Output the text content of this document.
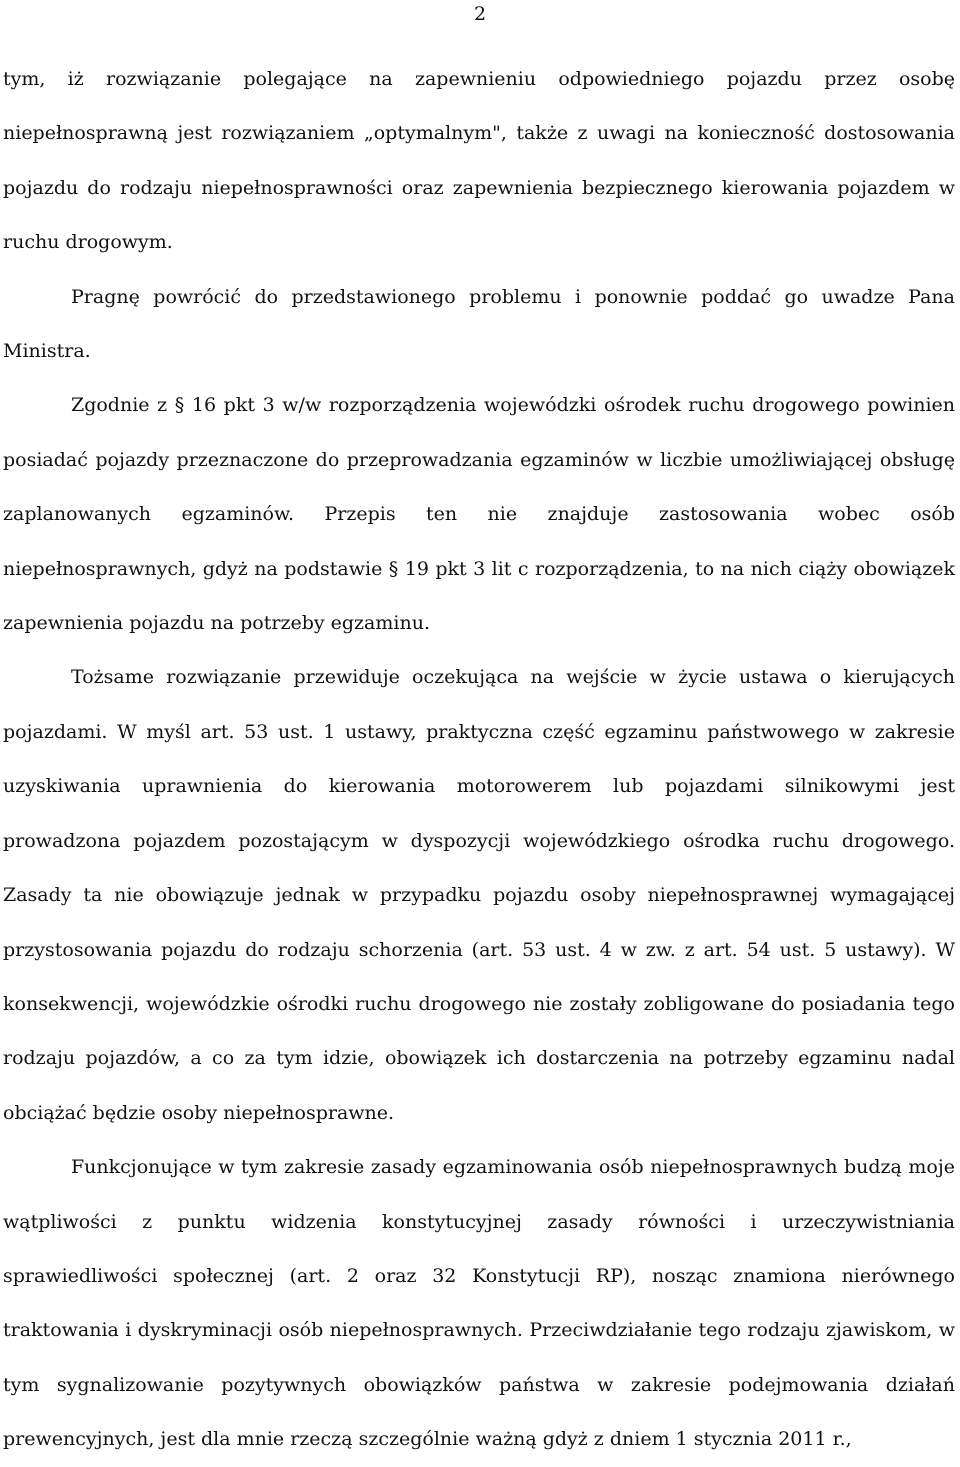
2

tym, iż rozwiązanie polegające na zapewnieniu odpowiedniego pojazdu przez osobę niepełnosprawną jest rozwiązaniem „optymalnym", także z uwagi na konieczność dostosowania pojazdu do rodzaju niepełnosprawności oraz zapewnienia bezpiecznego kierowania pojazdem w ruchu drogowym.

Pragnę powrócić do przedstawionego problemu i ponownie poddać go uwadze Pana Ministra.

Zgodnie z § 16 pkt 3 w/w rozporządzenia wojewódzki ośrodek ruchu drogowego powinien posiadać pojazdy przeznaczone do przeprowadzania egzaminów w liczbie umożliwiającej obsługę zaplanowanych egzaminów. Przepis ten nie znajduje zastosowania wobec osób niepełnosprawnych, gdyż na podstawie § 19 pkt 3 lit c rozporządzenia, to na nich ciąży obowiązek zapewnienia pojazdu na potrzeby egzaminu.

Tożsame rozwiązanie przewiduje oczekująca na wejście w życie ustawa o kierujących pojazdami. W myśl art. 53 ust. 1 ustawy, praktyczna część egzaminu państwowego w zakresie uzyskiwania uprawnienia do kierowania motorowerem lub pojazdami silnikowymi jest prowadzona pojazdem pozostającym w dyspozycji wojewódzkiego ośrodka ruchu drogowego. Zasady ta nie obowiązuje jednak w przypadku pojazdu osoby niepełnosprawnej wymagającej przystosowania pojazdu do rodzaju schorzenia (art. 53 ust. 4 w zw. z art. 54 ust. 5 ustawy). W konsekwencji, wojewódzkie ośrodki ruchu drogowego nie zostały zobligowane do posiadania tego rodzaju pojazdów, a co za tym idzie, obowiązek ich dostarczenia na potrzeby egzaminu nadal obciążać będzie osoby niepełnosprawne.

Funkcjonujące w tym zakresie zasady egzaminowania osób niepełnosprawnych budzą moje wątpliwości z punktu widzenia konstytucyjnej zasady równości i urzeczywistniania sprawiedliwości społecznej (art. 2 oraz 32 Konstytucji RP), nosząc znamiona nierównego traktowania i dyskryminacji osób niepełnosprawnych. Przeciwdziałanie tego rodzaju zjawiskom, w tym sygnalizowanie pozytywnych obowiązków państwa w zakresie podejmowania działań prewencyjnych, jest dla mnie rzeczą szczególnie ważną gdyż z dniem 1 stycznia 2011 r.,
